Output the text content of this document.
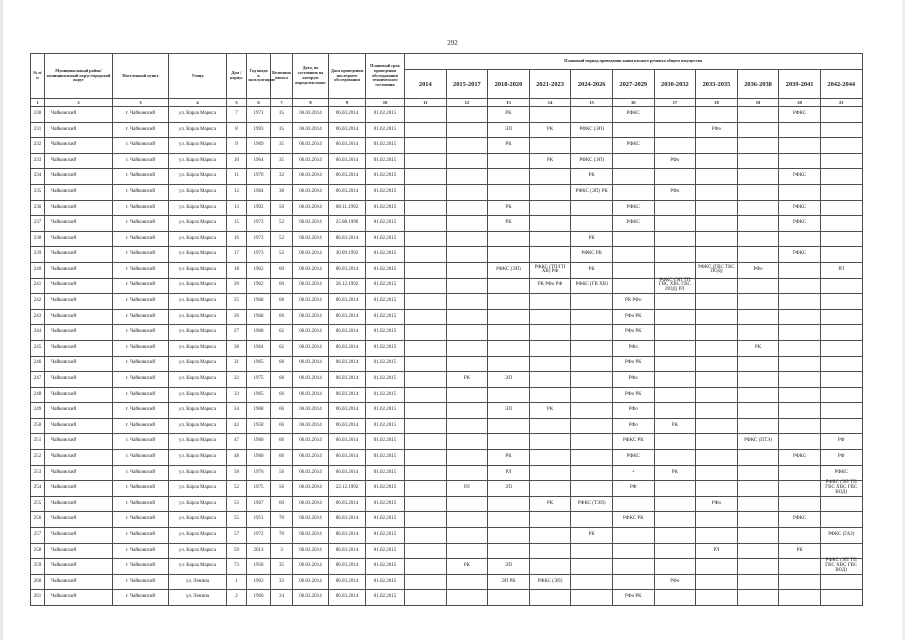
292
№ п/п	Муниципальный район/муниципальный округ/городской округ	Населенный пункт	Улица	Дом / корпус	Год ввода в эксплуатацию	Величина износа	Дата, по состоянию на которую определен износ	Дата проведения последнего обследования	Плановый срок проведения обследования технического состояния	Плановый период проведения капитального ремонта общего имущества										
										2014	2015-2017	2018-2020	2021-2023	2024-2026	2027-2029	2030-2032	2033-2035	2036-2038	2039-2041	2042-2044
1	2	3	4	5	6	7	8	9	10	11	12	13	14	15	16	17	18	19	20	21

230	Чайковский	г. Чайковский	ул. Карла Маркса	7	1971	35	06.03.2014	06.03.2014	01.02.2015			РК			РФКС				РФКС	

231	Чайковский	г. Чайковский	ул. Карла Маркса	8	1993	35	06.03.2014	06.03.2014	01.02.2015			ЭП	РК	РФКС (ЭП)			РФо			

232	Чайковский	г. Чайковский	ул. Карла Маркса	9	1969	35	06.03.2014	06.03.2014	01.02.2015			РК			РФКС					

233	Чайковский	г. Чайковский	ул. Карла Маркса	10	1964	35	06.03.2014	06.03.2014	01.02.2015				РК	РФКС (ЭП)		РФо				

234	Чайковский	г. Чайковский	ул. Карла Маркса	11	1970	32	06.03.2014	06.03.2014	01.02.2015					РК					РФКС	

235	Чайковский	г. Чайковский	ул. Карла Маркса	12	1964	38	06.03.2014	06.03.2014	01.02.2015					РФКС (ЭП) РК		РФо				

236	Чайковский	г. Чайковский	ул. Карла Маркса	13	1992	50	06.03.2014	08.11.1992	01.02.2015			РК			РФКС				РФКС	

237	Чайковский	г. Чайковский	ул. Карла Маркса	15	1973	52	06.03.2014	25.08.1990	01.02.2015			РК			РФКС				РФКС	

238	Чайковский	г. Чайковский	ул. Карла Маркса	16	1973	52	06.03.2014	06.03.2014	01.02.2015					РК						

239	Чайковский	г. Чайковский	ул. Карла Маркса	17	1973	52	06.03.2014	30.09.1992	01.02.2015					РФКС РК					РФКС	

240	Чайковский	г. Чайковский	ул. Карла Маркса	18	1962	60	06.03.2014	06.03.2014	01.02.2015			РФКС (ЭП)	РФКС (ТП/ГП ХВ) РФ	РК			РФКС (ГВС ТВС ПОД)	РФо		РЛ

241	Чайковский	г. Чайковский	ул. Карла Маркса	20	1962	60	06.03.2014	28.12.1992	01.02.2015				РК РФо РФ	РФКС (ГВ ХВ)		РФКС (ЭП ТП ГВС ХВС ГВС ПОД) РЛ				

242	Чайковский	г. Чайковский	ул. Карла Маркса	25	1968	68	06.03.2014	06.03.2014	01.02.2015						РК РФо					

243	Чайковский	г. Чайковский	ул. Карла Маркса	26	1968	66	06.03.2014	06.03.2014	01.02.2015						РФо РК					

244	Чайковский	г. Чайковский	ул. Карла Маркса	27	1968	62	06.03.2014	06.03.2014	01.02.2015						РФо РК					

245	Чайковский	г. Чайковский	ул. Карла Маркса	30	1964	62	06.03.2014	06.03.2014	01.02.2015						РФо			РК		

246	Чайковский	г. Чайковский	ул. Карла Маркса	31	1965	68	06.03.2014	06.03.2014	01.02.2015						РФо РК					

247	Чайковский	г. Чайковский	ул. Карла Маркса	32	1975	68	06.03.2014	06.03.2014	01.02.2015		РК	ЭП			РФо					

248	Чайковский	г. Чайковский	ул. Карла Маркса	33	1965	66	06.03.2014	06.03.2014	01.02.2015						РФо РК					

249	Чайковский	г. Чайковский	ул. Карла Маркса	34	1968	66	06.03.2014	06.03.2014	01.02.2015			ЭП	РК		РФо					

250	Чайковский	г. Чайковский	ул. Карла Маркса	42	1958	66	06.03.2014	06.03.2014	01.02.2015						РФо	РК				

251	Чайковский	г. Чайковский	ул. Карла Маркса	47	1960	66	06.03.2014	06.03.2014	01.02.2015						РФКС РК			РФКС (ПТЭ)		РФ

252	Чайковский	г. Чайковский	ул. Карла Маркса	48	1960	66	06.03.2014	06.03.2014	01.02.2015			РК			РФКС				РФКС	РФ

253	Чайковский	г. Чайковский	ул. Карла Маркса	50	1976	56	06.03.2014	06.03.2014	01.02.2015			РЛ			•	РК				РФКС

254	Чайковский	г. Чайковский	ул. Карла Маркса	52	1975	56	06.03.2014	22.12.1992	01.02.2015		РЛ	ЭП			РФ					РФКС (ЭП ТП ГВС ХВС ГВС ВОД)

255	Чайковский	г. Чайковский	ул. Карла Маркса	53	1967	60	06.03.2014	06.03.2014	01.02.2015				РК	РФКС (ТЭП)			РФо			

256	Чайковский	г. Чайковский	ул. Карла Маркса	55	1951	70	06.03.2014	06.03.2014	01.02.2015						РФКС РК				РФКС	

257	Чайковский	г. Чайковский	ул. Карла Маркса	57	1972	70	06.03.2014	06.03.2014	01.02.2015					РК						РФКС (ГАЗ)

258	Чайковский	г. Чайковский	ул. Карла Маркса	59	2013	3	06.03.2014	06.03.2014	01.02.2015								РЛ		РК	

259	Чайковский	г. Чайковский	ул. Карла Маркса	73	1958	35	06.03.2014	06.03.2014	01.02.2015		РК	ЭП								РФКС (ЭП ТП ГВС ХВС ГВС ВОД)

260	Чайковский	г. Чайковский	ул. Ленина	1	1963	32	06.03.2014	06.03.2014	01.02.2015			ЭП РК	РФКС (ЭП)			РФо				

261	Чайковский	г. Чайковский	ул. Ленина	2	1960	34	06.03.2014	06.03.2014	01.02.2015						РФо РК					
